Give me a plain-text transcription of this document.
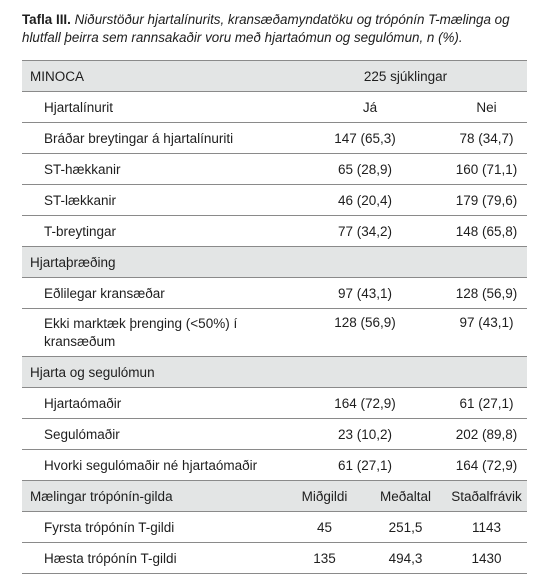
Tafla III. Niðurstöður hjartalínurits, kransæðamyndatöku og trópónín T-mælinga og hlutfall þeirra sem rannsakaðir voru með hjartaómun og segulómun, n (%).
MINOCA	225 sjúklingar		
Hjartalínurit	Já		Nei
Bráðar breytingar á hjartalínuriti	147 (65,3)		78 (34,7)
ST-hækkanir	65 (28,9)		160 (71,1)
ST-lækkanir	46 (20,4)		179 (79,6)
T-breytingar	77 (34,2)		148 (65,8)
Hjartaþræðing			
Eðlilegar kransæðar	97 (43,1)		128 (56,9)
Ekki marktæk þrenging (<50%) í kransæðum	128 (56,9)		97 (43,1)
Hjarta og segulómun			
Hjartaómaðir	164 (72,9)		61 (27,1)
Segulómaðir	23 (10,2)		202 (89,8)
Hvorki segulómaðir né hjartaómaðir	61 (27,1)		164 (72,9)
Mælingar trópónín-gilda	Miðgildi	Meðaltal	Staðalfrávik
Fyrsta trópónín T-gildi	45	251,5	1143
Hæsta trópónín T-gildi	135	494,3	1430
